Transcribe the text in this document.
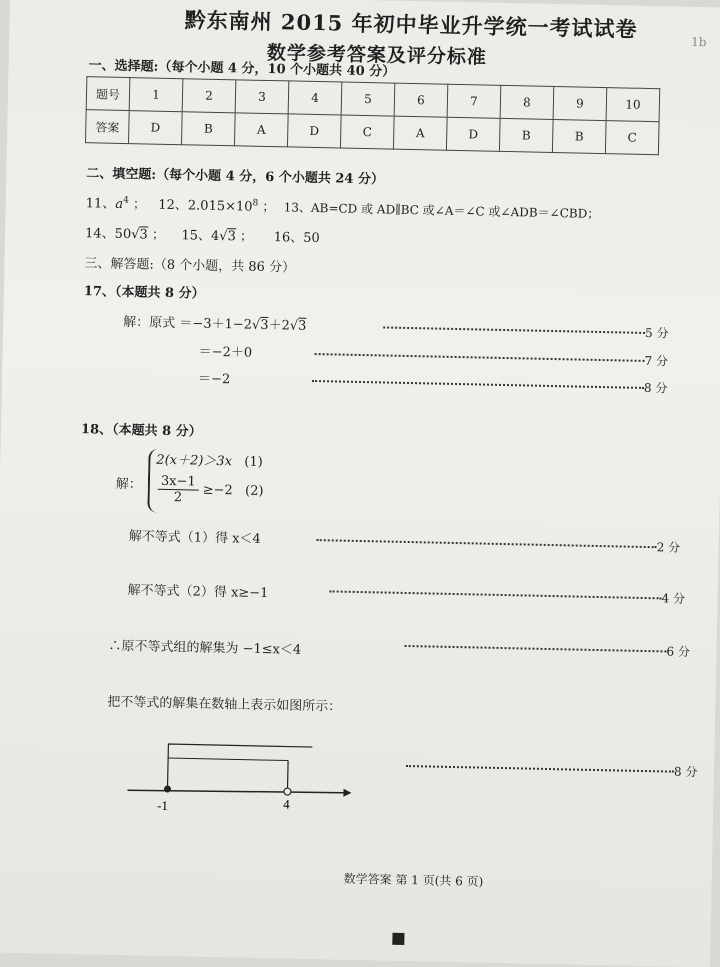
黔东南州 2015 年初中毕业升学统一考试试卷
数学参考答案及评分标准	1b
一、选择题:（每个小题 4 分，10 个小题共 40 分）
题号	1	2	3	4	5	6	7	8	9	10
答案	D	B	A	D	C	A	D	B	B	C
二、填空题:（每个小题 4 分，6 个小题共 24 分）
11、$a^4$ ； 12、$2.015\times 10^8$ ； 13、AB=CD 或 AD∥BC 或∠A＝∠C 或∠ADB＝∠CBD；
14、50√3 ； 15、4√3 ； 16、50
三、解答题:（8 个小题，共 86 分）
17、（本题共 8 分）
解：原式 ＝−3＋1−2√3＋2√3	5 分
＝−2＋0
7 分
＝−2
8 分
18、（本题共 8 分）
解：
2(x＋2)＞3x (1)
$\frac{3x-1}{2} \ge-2$ (2)
解不等式（1）得 x＜4
2 分
解不等式（2）得 x≥−1	4 分
∴原不等式组的解集为 −1≤x＜4	6 分
把不等式的解集在数轴上表示如图所示：
8 分
-1	4
数学答案 第 1 页(共 6 页)
